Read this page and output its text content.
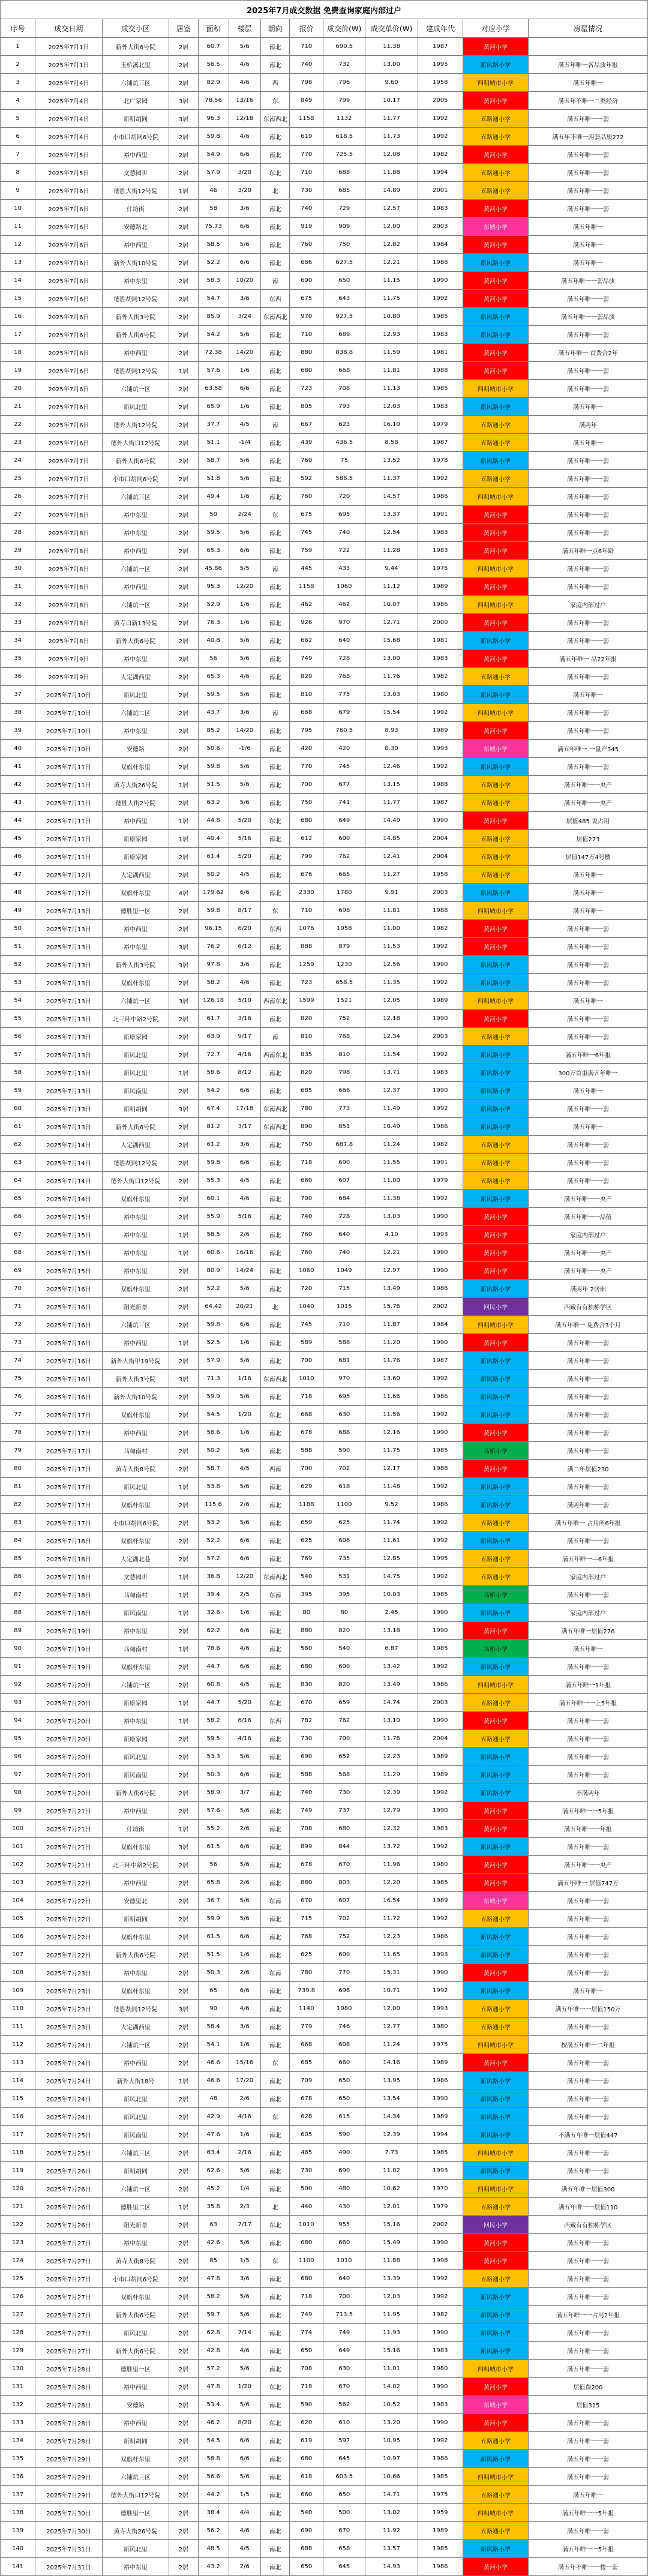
2025年7月成交数据 免费查询家庭内部过户												
序号	成交日期	成交小区	居室	面积	楼层	朝向	报价	成交价(W)	成交单价(W)	建成年代	对应小学	房屋情况
1	2025年7月1日	新外大街6号院	2居	60.7	5/6	南北	710	690.5	11.38	1987	黄河小学	
2	2025年7月1日	玉桥溪北里	2居	56.5	4/6	南北	740	732	13.00	1995	新风路小学	满五年唯一各品质年报
3	2025年7月4日	六铺炕三区	2居	82.9	4/6	西	798	796	9.60	1958	四明城市小学	满五年唯一
4	2025年7月4日	北广家园	3居	78.56	13/16	东	849	799	10.17	2005	黄河小学	满五年不唯一二类经济
5	2025年7月4日	新明胡同	3居	96.3	12/18	东南西北	1158	1132	11.77	1992	五路通小学	满五年唯一一套
6	2025年7月4日	小市口胡同6号院	2居	59.8	4/6	南北	619	618.5	11.73	1992	五路通小学	满五年不唯一两套品质272
7	2025年7月5日	裕中西里	2居	54.9	6/6	南北	770	725.5	12.08	1982	黄河小学	满五年唯一一套
8	2025年7月5日	文慧园世	2居	57.9	3/20	东北	710	688	11.88	1994	五路通小学	满五年唯一一套
9	2025年7月6日	德胜大街12号院	1居	46	3/20	北	730	685	14.89	2001	五路通小学	满五年唯一一套
10	2025年7月6日	什坊街	2居	58	3/6	南北	740	729	12.57	1983	黄河小学	满五年唯一一套
11	2025年7月6日	安德路北	2居	75.73	6/6	南北	919	909	12.00	2003	东城小学	满五年唯一
12	2025年7月6日	裕中西里	2居	58.5	5/6	南北	760	750	12.82	1984	黄河小学	满五年唯一
13	2025年7月6日	新外大街10号院	2居	52.2	6/6	南北	666	627.5	12.21	1988	新风路小学	满五年唯一
14	2025年7月6日	裕中东里	2居	58.3	10/20	南	690	650	11.15	1990	黄河小学	满五年唯一一套品质
15	2025年7月6日	德胜胡同12号院	2居	54.7	3/6	东西	675	643	11.75	1992	黄河小学	满五年唯一一套
16	2025年7月6日	新外大街3号院	2居	85.9	3/24	东南西北	970	927.5	10.80	1985	新风路小学	满五年唯一一套品质
17	2025年7月6日	新外大街6号院	2居	54.2	5/6	南北	710	689	12.93	1983	新风路小学	满五年唯一一套
18	2025年7月6日	裕中西里	2居	72.38	14/20	南北	880	838.8	11.59	1981	黄河小学	满五年唯一 首费合2年
19	2025年7月6日	德胜胡同12号院	1居	57.6	1/6	南北	680	668	11.81	1988	黄河小学	满五年唯一一套
20	2025年7月6日	六铺炕一区	2居	63.58	6/6	南北	723	708	11.13	1985	四明城市小学	满五年唯一一套
21	2025年7月6日	新风北里	2居	65.9	1/6	南北	805	793	12.03	1983	新风路小学	满五年唯一
22	2025年7月6日	德外大街12号院	2居	37.7	4/5	南	667	623	16.10	1979	五路通小学	满两年
23	2025年7月6日	德外大街口12号院	2居	51.1	-1/4	南北	439	436.5	8.58	1987	五路通小学	满五年唯一
24	2025年7月7日	新外大街6号院	2居	58.7	5/6	南北	760	75	13.52	1978	新风路小学	满五年唯一一套
25	2025年7月7日	小市口胡同6号院	2居	51.8	5/6	南北	592	588.5	11.37	1992	五路通小学	满五年唯一一套
26	2025年7月7日	六铺炕三区	2居	49.4	1/6	南北	760	720	14.57	1986	四明城市小学	满五年唯一一套
27	2025年7月8日	裕中东里	2居	50	2/24	东	675	695	13.37	1991	黄河小学	满五年唯一一套
28	2025年7月8日	裕中东里	2居	59.5	5/6	南北	745	740	12.54	1983	黄河小学	满五年唯一一套
29	2025年7月8日	裕中西里	2居	65.3	6/6	南北	759	722	11.28	1983	黄河小学	满五年唯一点6年龄
30	2025年7月8日	六铺炕一区	2居	45.86	5/5	南	445	433	9.44	1975	四明城市小学	满五年唯一一套
31	2025年7月8日	裕中西里	2居	95.3	12/20	南北	1158	1060	11.12	1989	黄河小学	满五年唯一一套
32	2025年7月8日	六铺炕一区	2居	52.9	1/6	南北	462	462	10.07	1986	四明城市小学	家庭内部过户
33	2025年7月8日	黄寺口新13号院	2居	76.3	1/6	南北	926	970	12.71	2000	黄河小学	满五年唯一一套
34	2025年7月8日	新外大街6号院	2居	40.8	5/6	南北	662	640	15.68	1981	新风路小学	满五年唯一一套
35	2025年7月9日	裕中东里	2居	56	5/6	南北	749	728	13.00	1983	黄河小学	满五年唯一 品22年报
36	2025年7月9日	人定湖西里	2居	65.3	4/6	南北	829	768	11.76	1982	五路通小学	满五年唯一一套
37	2025年7月10日	新风北里	2居	59.5	5/6	南北	810	775	13.03	1980	新风路小学	满五年唯一
38	2025年7月10日	六铺炕二区	2居	43.7	3/6	南	668	679	15.54	1992	四明城市小学	满五年唯一一套
39	2025年7月10日	裕中东里	2居	85.2	14/20	南北	795	760.5	8.93	1989	黄河小学	满五年唯一一套
40	2025年7月10日	安德路	2居	50.6	-1/6	南北	420	420	8.30	1993	东城小学	满五年唯一 一量产345
41	2025年7月11日	双旗杆东里	2居	59.8	5/6	南北	770	745	12.46	1992	新风路小学	满五年唯一一套
42	2025年7月11日	黄寺大街26号院	1居	51.5	5/6	南北	700	677	13.15	1988	五路通小学	满五年唯一一央产
43	2025年7月11日	德胜大街2号院	2居	63.2	5/6	南北	750	741	11.77	1987	五路通小学	满五年唯一一央产
44	2025年7月11日	裕中西里	1居	44.8	5/20	东北	680	649	14.49	1990	黄河小学	层值485 说占用
45	2025年7月11日	新康家园	1居	40.4	5/16	南北	612	600	14.85	2004	五路通小学	层值273
46	2025年7月11日	新康家园	2居	61.4	5/20	南北	799	762	12.41	2004	五路通小学	层值147万4号楼
47	2025年7月12日	人定湖西里	2居	50.2	4/5	南北	676	665	11.27	1958	五路通小学	满五年唯一
48	2025年7月12日	双旗杆东里	4居	179.62	6/6	南北	2330	1780	9.91	2003	新风路小学	满五年唯一
49	2025年7月13日	德胜里一区	2居	59.8	8/17	东	710	698	11.81	1988	四明城市小学	满五年唯一
50	2025年7月13日	裕中西里	2居	96.15	6/20	东西	1076	1058	11.00	1982	黄河小学	满五年唯一一套
51	2025年7月13日	裕中东里	3居	76.2	6/12	南北	888	879	11.53	1992	黄河小学	满五年唯一一套
52	2025年7月13日	新外大街3号院	3居	97.8	3/6	南北	1259	1230	12.56	1990	新风路小学	满五年唯一一套
53	2025年7月13日	双旗杆东里	2居	58.2	4/6	南北	723	658.5	11.35	1992	新风路小学	满五年唯一一套
54	2025年7月13日	六铺炕一区	3居	126.18	5/10	西南东北	1599	1521	12.05	1989	四明城市小学	满五年唯一
55	2025年7月13日	北三环中路2号院	2居	61.7	3/16	南北	820	752	12.18	1990	黄河小学	满五年唯一一套
56	2025年7月13日	新康家园	2居	63.9	9/17	南	810	768	12.34	2003	五路通小学	满五年唯一一套
57	2025年7月13日	新风北里	2居	72.7	4/16	西南东北	835	810	11.54	1992	新风路小学	满五年唯一6年报
58	2025年7月13日	新风北里	1居	58.6	8/12	南北	829	798	13.71	1983	新风路小学	300万首重满五年唯一
59	2025年7月13日	新风南里	2居	54.2	6/6	南北	685	666	12.37	1990	新风路小学	满五年唯一
60	2025年7月13日	新明胡同	3居	67.4	17/18	东南西北	780	773	11.49	1992	新风路小学	满五年唯一一套
61	2025年7月13日	新外大街6号院	2居	81.2	3/17	东南西北	890	851	10.49	1986	新风路小学	满五年唯一
62	2025年7月14日	人定湖西里	2居	61.2	3/6	南北	750	687.8	11.24	1982	五路通小学	满五年唯一一套
63	2025年7月14日	德胜胡同12号院	2居	59.8	6/6	南北	718	690	11.55	1991	五路通小学	满五年唯一一套
64	2025年7月14日	德外大街口12号院	2居	55.3	4/5	南北	660	607	11.00	1979	五路通小学	满五年唯一一套
65	2025年7月14日	双旗杆东里	2居	60.1	4/6	南北	700	684	11.38	1992	新风路小学	满五年唯一一央产
66	2025年7月15日	裕中东里	2居	55.9	5/16	南北	740	728	13.03	1990	黄河小学	满五年唯一一品值
67	2025年7月15日	裕中东里	1居	58.5	2/6	南北	760	640	4.10	1993	黄河小学	家庭内部过户
68	2025年7月15日	裕中东里	1居	60.6	16/16	南北	760	740	12.21	1990	黄河小学	满五年唯一一央产
69	2025年7月15日	裕中东里	2居	80.9	14/24	南北	1060	1049	12.97	1990	黄河小学	满五年唯一一央产
70	2025年7月16日	双旗杆东里	2居	52.2	5/6	南北	720	715	13.49	1986	新风路小学	满两年 2居础
71	2025年7月16日	阳光新景	2居	64.42	20/21	北	1040	1015	15.76	2002	回民小学	西藏有有独栋学区
72	2025年7月16日	六铺炕三区	2居	59.8	6/6	南北	745	710	11.87	1984	四明城市小学	满五年唯一 免费合3个月
73	2025年7月16日	裕中西里	1居	52.5	1/6	南北	589	588	11.20	1990	黄河小学	满五年唯一一套
74	2025年7月16日	新外大街甲19号院	2居	57.9	5/6	南北	700	681	11.76	1987	新风路小学	满五年唯一一套
75	2025年7月16日	新外大街3号院	3居	71.3	1/16	东南西北	1010	970	13.60	1992	新风路小学	满五年唯一一套
76	2025年7月16日	新外大街10号院	2居	59.9	5/6	南北	718	695	11.66	1986	新风路小学	满五年唯一一套
77	2025年7月17日	双旗杆东里	2居	54.5	1/20	东北	668	630	11.56	1992	新风路小学	满五年唯一一套
78	2025年7月17日	裕中西里	2居	56.6	1/6	南北	678	688	12.16	1990	黄河小学	满五年唯一一套
79	2025年7月17日	马甸南村	2居	50.2	5/6	南北	588	590	11.75	1985	马桥小学	满五年唯一一套
80	2025年7月17日	黄寺大街8号院	2居	58.7	4/5	西南	700	702	12.17	1988	黄河小学	满二年层值230
81	2025年7月17日	新风北里	1居	53.8	5/6	南北	629	618	11.48	1992	新风路小学	满五年唯一一套
82	2025年7月17日	双旗杆东里	2居	115.6	2/6	南北	1188	1100	9.52	1986	新风路小学	满两年唯一一套
83	2025年7月17日	小市口胡同6号院	2居	53.2	5/6	南北	659	625	11.74	1992	五路通小学	满五年唯一 占用所6年报
84	2025年7月18日	双旗杆东里	2居	52.2	6/6	南北	625	606	11.61	1992	新风路小学	满五年唯一一套
85	2025年7月18日	人定湖北巷	2居	57.2	6/6	南北	769	735	12.85	1995	五路通小学	满五年唯一—6年报
86	2025年7月18日	文慧园世	1居	36.8	12/20	东南西北	540	531	14.75	1992	五路通小学	家庭内部过户
87	2025年7月18日	马甸南村	1居	39.4	2/5	东南	395	395	10.03	1985	马桥小学	满五年唯一一套
88	2025年7月18日	新风南里	1居	32.6	1/6	南北	80	80	2.45	1990	新风路小学	家庭内部过户
89	2025年7月19日	裕中东里	2居	62.2	6/6	南北	880	820	13.18	1990	黄河小学	满五年唯一层值276
90	2025年7月19日	马甸南村	1居	78.6	4/6	南北	560	540	6.87	1985	马桥小学	满五年唯一
91	2025年7月19日	双旗杆东里	2居	44.7	6/6	南北	680	600	13.42	1992	新风路小学	满五年唯一一套
92	2025年7月20日	六铺炕一区	2居	60.8	4/5	南北	830	820	13.49	1986	四明城市小学	满五年唯一1年报
93	2025年7月20日	新康家园	1居	44.7	5/20	东北	670	659	14.74	2003	五路通小学	满五年唯一一上5年报
94	2025年7月20日	裕中东里	1居	58.2	6/16	东西	782	762	13.10	1990	黄河小学	满五年唯一一套
95	2025年7月20日	新康家园	2居	59.5	4/16	南北	730	700	11.76	2004	五路通小学	满五年唯一一套
96	2025年7月20日	新风北里	2居	53.3	5/6	南北	690	652	12.23	1989	新风路小学	满五年唯一一套
97	2025年7月20日	新风南里	2居	50.3	6/6	南北	588	568	11.29	1989	新风路小学	满五年唯一一套
98	2025年7月20日	新外大街6号院	2居	58.9	3/7	南北	740	730	12.39	1992	新风路小学	不满两年
99	2025年7月21日	裕中西里	2居	57.6	5/6	南北	749	737	12.79	1990	黄河小学	满五年唯一一5年报
100	2025年7月21日	什坊街	1居	55.2	2/6	南北	708	680	12.32	1983	黄河小学	满五年唯一一年报
101	2025年7月21日	双旗杆东里	3居	61.5	6/6	南北	899	844	13.72	1992	新风路小学	满五年唯一一套
102	2025年7月21日	北三环中路2号院	2居	56	5/6	南北	678	670	11.96	1980	黄河小学	满五年唯一一央产
103	2025年7月22日	裕中西里	2居	65.8	2/6	南北	880	803	12.20	1985	黄河小学	满五年唯一 层值747万
104	2025年7月22日	安德里北	2居	36.7	5/6	东南	670	607	16.54	1989	东城小学	满五年唯一一套
105	2025年7月22日	新明胡同	2居	59.9	5/6	南北	715	702	11.72	1992	五路通小学	满五年唯一一套
106	2025年7月22日	双旗杆东里	2居	61.5	6/6	南北	768	752	12.23	1986	新风路小学	满五年唯一一套
107	2025年7月22日	新外大街6号院	2居	51.5	1/6	南北	625	600	11.65	1993	新风路小学	满五年唯一一套
108	2025年7月23日	裕中东里	2居	50.3	2/6	东南	780	770	15.31	1990	黄河小学	满五年唯一一套
109	2025年7月23日	双旗杆东里	2居	65	6/6	南北	739.8	696	10.71	1992	新风路小学	满五年唯一
110	2025年7月23日	德胜胡同12号院	3居	90	4/6	南北	1140	1080	12.00	1993	五路通小学	满五年唯一一层值150万
111	2025年7月23日	人定湖西里	2居	58.4	3/6	南北	779	746	12.77	1980	五路通小学	满五年唯一一套
112	2025年7月24日	六铺炕一区	2居	54.1	1/6	南北	668	608	11.24	1975	四明城市小学	按满五年唯一二年报
113	2025年7月24日	裕中西里	2居	46.6	15/16	东	685	660	14.16	1989	黄河小学	满五年唯一一套
114	2025年7月24日	新外大街18号	1居	46.6	17/20	南北	709	650	13.95	1986	新风路小学	满五年唯一一套
115	2025年7月24日	新风北里	2居	48	2/6	南北	678	650	13.54	1990	新风路小学	满五年唯一一套
116	2025年7月24日	新风北里	2居	42.9	4/16	东	628	615	14.34	1989	新风路小学	满五年唯一一套
117	2025年7月25日	新风南里	2居	47.6	1/6	南北	605	590	12.39	1994	新风路小学	不满五年唯一层值447
118	2025年7月25日	六铺炕三区	2居	63.4	2/16	南北	465	490	7.73	1985	四明城市小学	满五年唯一一套
119	2025年7月26日	新明胡同	2居	62.6	5/6	南北	730	690	11.02	1993	新风路小学	满五年唯一一套
120	2025年7月26日	六铺炕一区	2居	45.2	1/4	南北	500	480	10.62	1970	四明城市小学	满五年唯一层值300
121	2025年7月26日	德胜里二区	1居	35.8	2/3	北	440	430	12.01	1979	五路通小学	满五年唯一一层值110
122	2025年7月26日	阳光新景	2居	63	7/17	东北	1010	955	15.16	2002	回民小学	西藏有有独栋学区
123	2025年7月27日	裕中东里	2居	42.6	5/6	南北	680	660	15.49	1990	黄河小学	满五年唯一一套
124	2025年7月27日	黄寺大街8号院	2居	85	1/5	东	1100	1010	11.88	1998	黄河小学	满五年唯一一套
125	2025年7月27日	小市口胡同6号院	2居	47.8	3/6	南北	680	640	13.39	1992	五路通小学	满五年唯一一套
126	2025年7月27日	双旗杆东里	2居	58.2	5/6	南北	718	700	12.03	1992	新风路小学	满五年唯一一套
127	2025年7月27日	新外大街6号院	2居	59.7	5/6	南北	749	713.5	11.95	1982	新风路小学	满五年唯一一占用2年报
128	2025年7月27日	新风北里	2居	62.8	7/14	南北	774	749	11.93	1990	新风路小学	满五年唯一一套
129	2025年7月27日	新外大街6号院	2居	42.8	4/6	南北	650	649	15.16	1983	新风路小学	满五年唯一一套
130	2025年7月28日	德胜里一区	2居	57.2	5/6	南北	708	630	11.01	1980	四明城市小学	满五年唯一一套
131	2025年7月28日	裕中西里	2居	47.8	1/20	东北	718	670	14.02	1990	黄河小学	层值费200
132	2025年7月28日	安德路	2居	53.4	5/6	南北	590	562	10.52	1983	东城小学	层值315
133	2025年7月28日	裕中西里	2居	46.2	8/20	东北	620	610	13.20	1990	黄河小学	满五年唯一一套
134	2025年7月28日	新明胡同	2居	54.5	6/6	南北	619	597	10.95	1992	五路通小学	满五年唯一一套
135	2025年7月29日	双旗杆东里	2居	58.8	6/6	南北	680	645	10.97	1986	新风路小学	满五年唯一一套
136	2025年7月29日	六铺炕三区	2居	56.6	5/6	南北	618	603.5	10.66	1985	四明城市小学	满五年唯一一套
137	2025年7月29日	德外大街口12号院	2居	44.2	1/5	南北	660	650	14.71	1975	五路通小学	满五年唯一
138	2025年7月30日	德胜里一区	2居	38.4	4/4	南北	540	500	13.02	1959	四明城市小学	满五年唯一一5年报
139	2025年7月30日	黄寺大街26号院	2居	56.2	4/6	南北	690	670	11.92	1989	五路通小学	满五年唯一一套
140	2025年7月31日	新风北里	2居	48.5	4/5	南北	688	658	13.57	1985	新风路小学	满五年唯一一5年报
141	2025年7月31日	裕中东里	2居	43.2	2/6	南北	650	645	14.93	1986	黄河小学	满五年不唯一一楼一套
